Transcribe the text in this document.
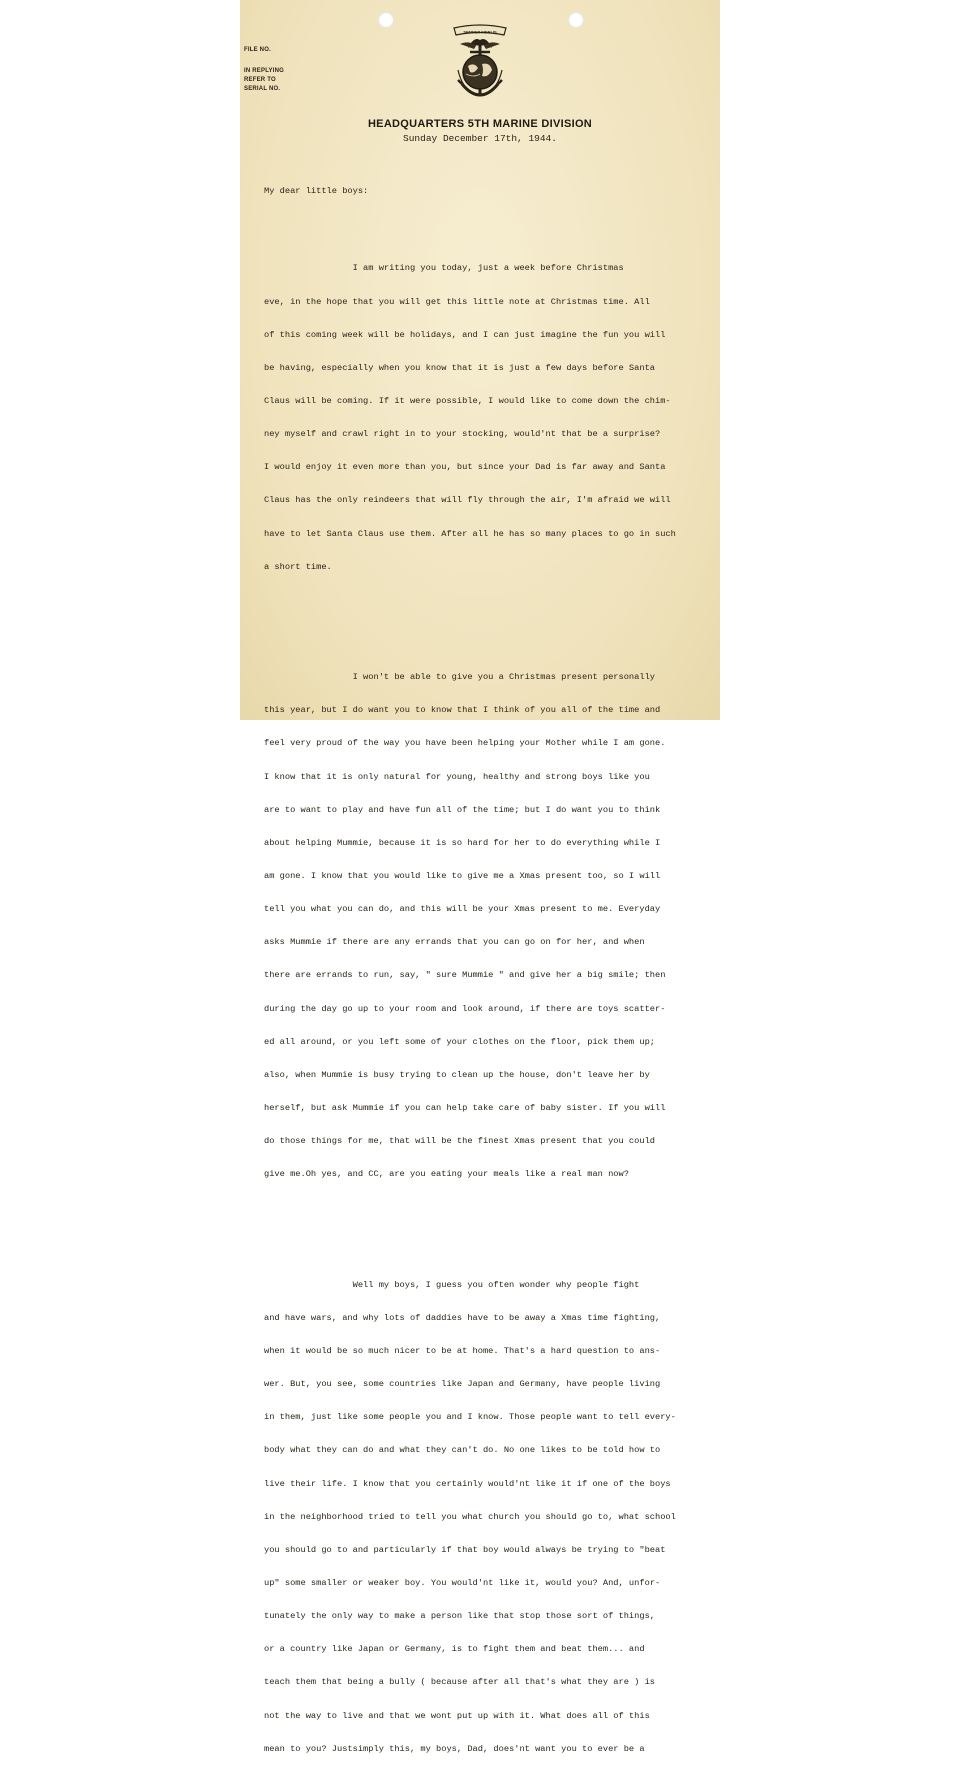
FILE NO.
IN REPLYING
REFER TO
SERIAL NO.
SEMPER FIDELIS
HEADQUARTERS 5TH MARINE DIVISION
Sunday December 17th, 1944.

My dear little boys:

I am writing you today, just a week before Christmas

eve, in the hope that you will get this little note at Christmas time. All

of this coming week will be holidays, and I can just imagine the fun you will

be having, especially when you know that it is just a few days before Santa

Claus will be coming. If it were possible, I would like to come down the chim-

ney myself and crawl right in to your stocking, would'nt that be a surprise?

I would enjoy it even more than you, but since your Dad is far away and Santa

Claus has the only reindeers that will fly through the air, I'm afraid we will

have to let Santa Claus use them. After all he has so many places to go in such

a short time.

I won't be able to give you a Christmas present personally

this year, but I do want you to know that I think of you all of the time and

feel very proud of the way you have been helping your Mother while I am gone.

I know that it is only natural for young, healthy and strong boys like you

are to want to play and have fun all of the time; but I do want you to think

about helping Mummie, because it is so hard for her to do everything while I

am gone. I know that you would like to give me a Xmas present too, so I will

tell you what you can do, and this will be your Xmas present to me. Everyday

asks Mummie if there are any errands that you can go on for her, and when

there are errands to run, say, " sure Mummie " and give her a big smile; then

during the day go up to your room and look around, if there are toys scatter-

ed all around, or you left some of your clothes on the floor, pick them up;

also, when Mummie is busy trying to clean up the house, don't leave her by

herself, but ask Mummie if you can help take care of baby sister. If you will

do those things for me, that will be the finest Xmas present that you could

give me.Oh yes, and CC, are you eating your meals like a real man now?

Well my boys, I guess you often wonder why people fight

and have wars, and why lots of daddies have to be away a Xmas time fighting,

when it would be so much nicer to be at home. That's a hard question to ans-

wer. But, you see, some countries like Japan and Germany, have people living

in them, just like some people you and I know. Those people want to tell every-

body what they can do and what they can't do. No one likes to be told how to

live their life. I know that you certainly would'nt like it if one of the boys

in the neighborhood tried to tell you what church you should go to, what school

you should go to and particularly if that boy would always be trying to "beat

up" some smaller or weaker boy. You would'nt like it, would you? And, unfor-

tunately the only way to make a person like that stop those sort of things,

or a country like Japan or Germany, is to fight them and beat them... and

teach them that being a bully ( because after all that's what they are ) is

not the way to live and that we wont put up with it. What does all of this

mean to you? Justsimply this, my boys, Dad, does'nt want you to ever be a
